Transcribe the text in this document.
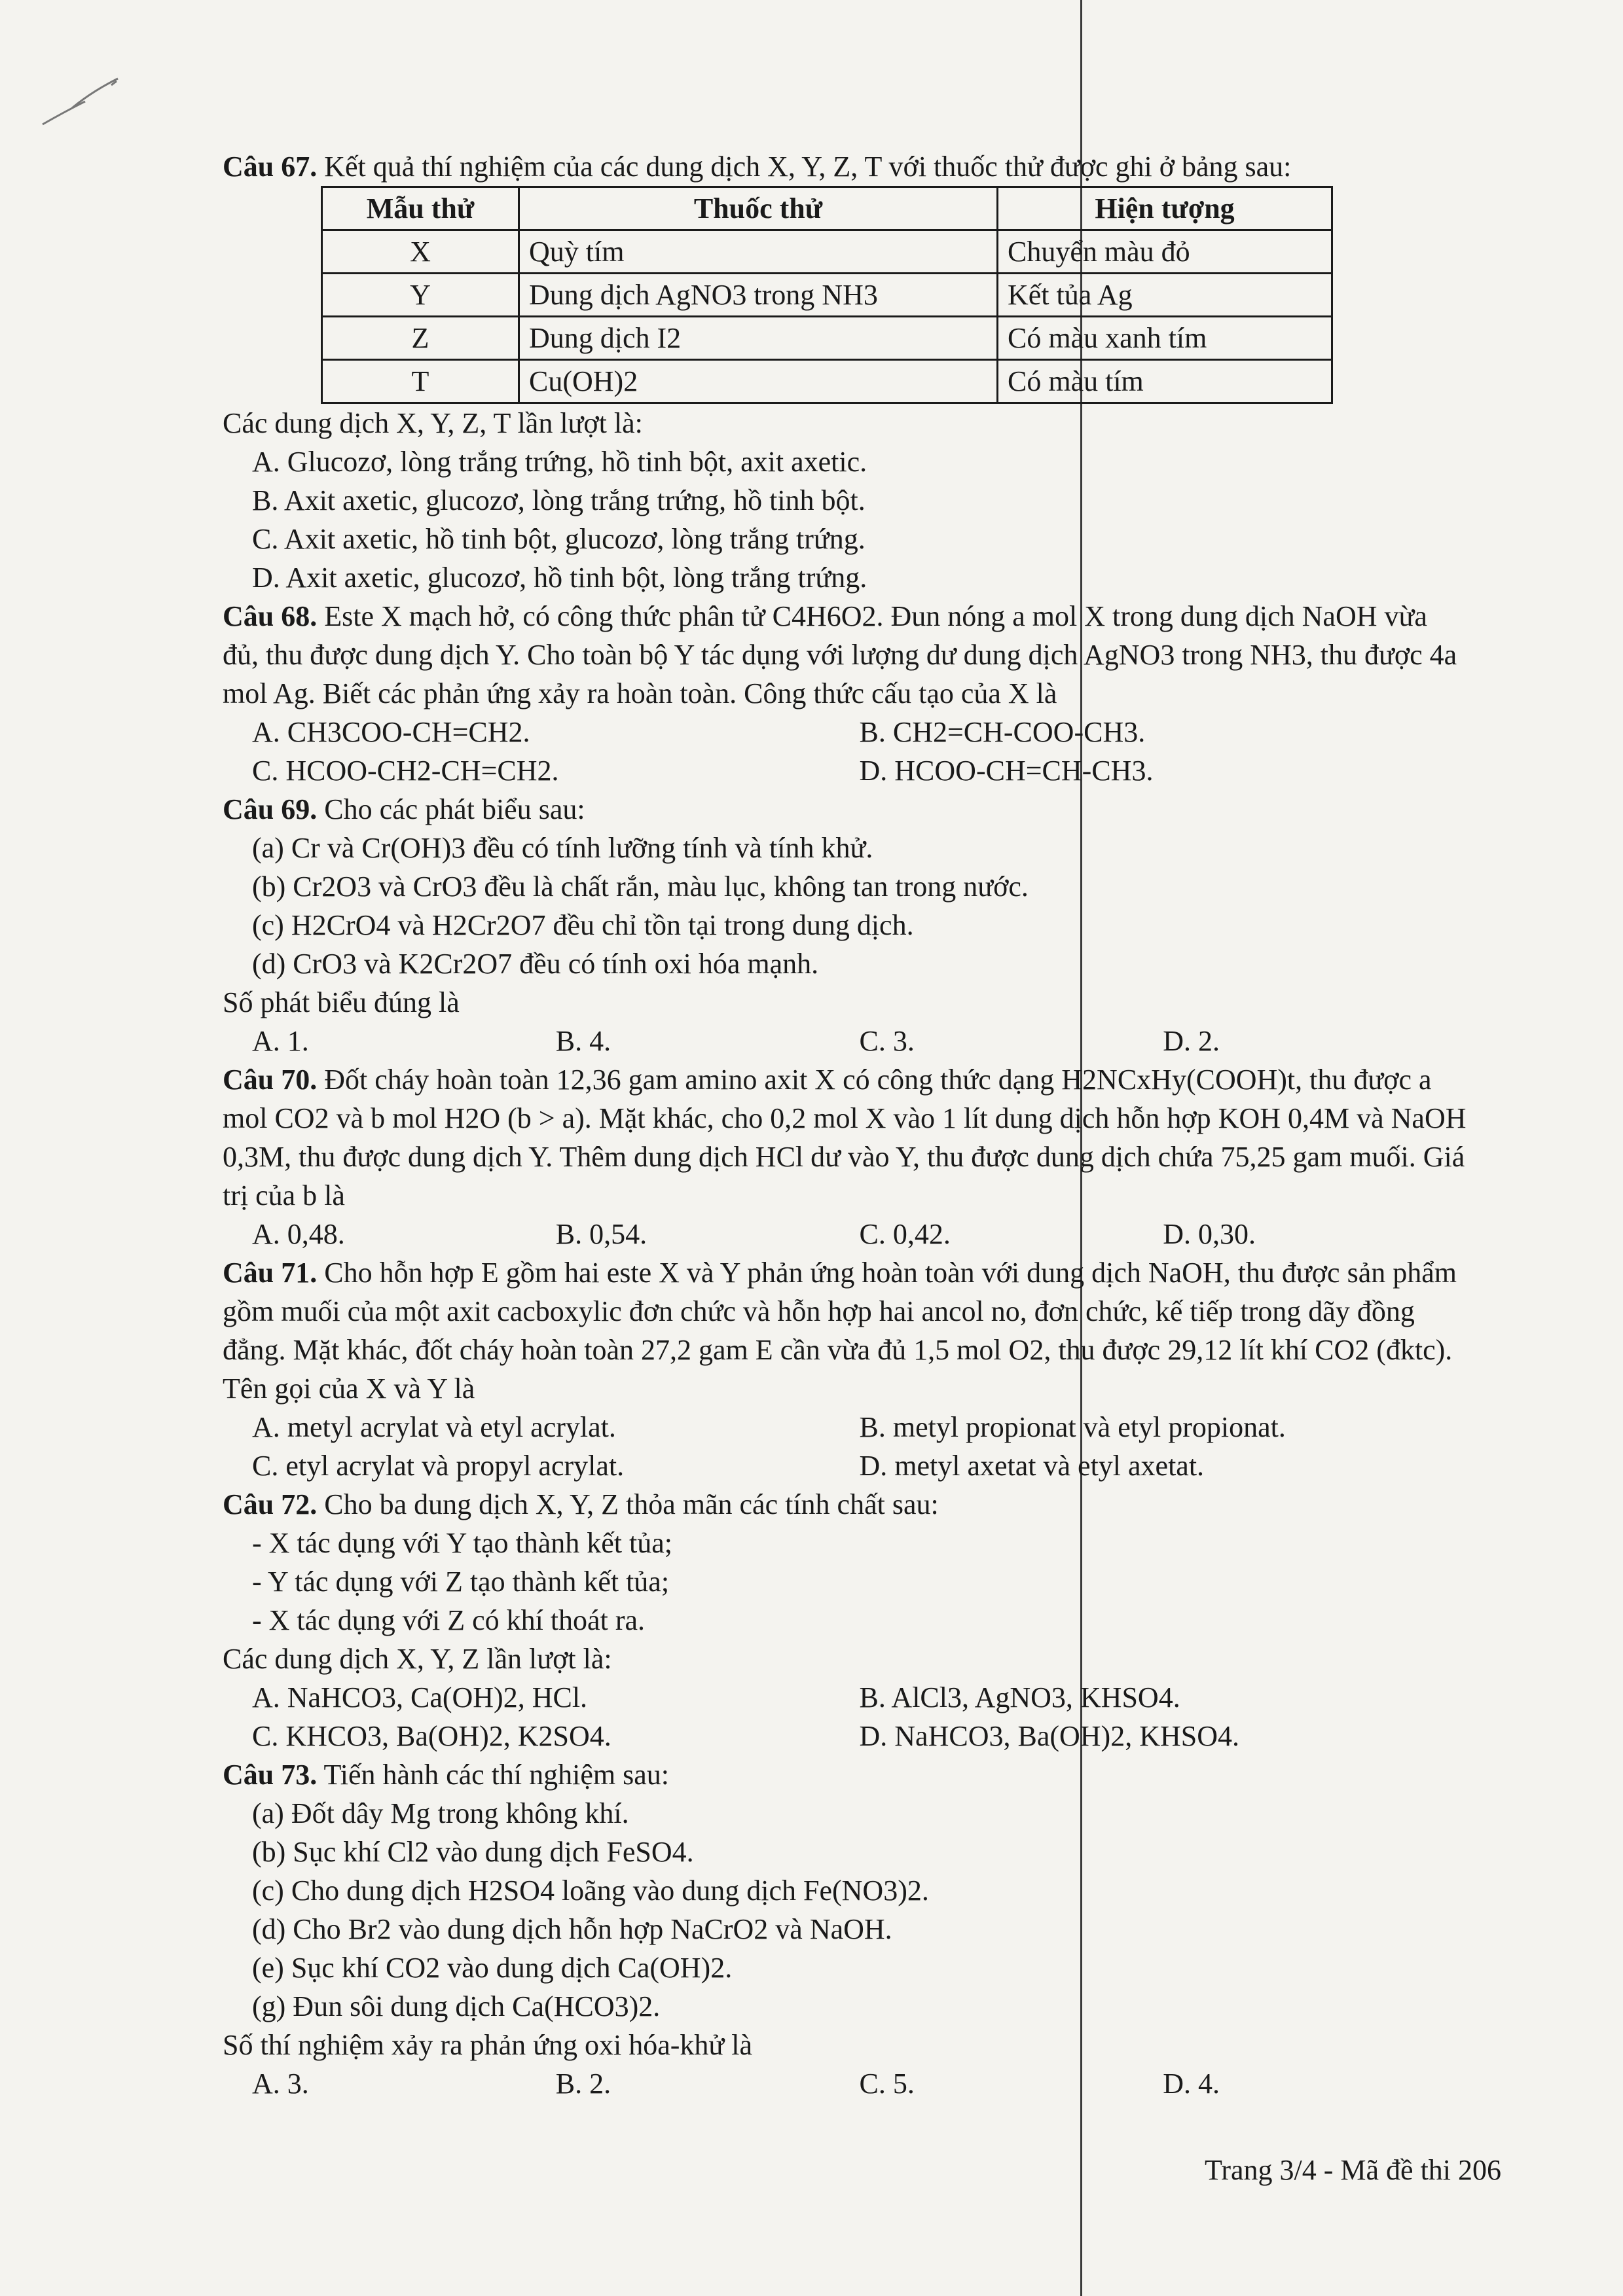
Câu 67. Kết quả thí nghiệm của các dung dịch X, Y, Z, T với thuốc thử được ghi ở bảng sau:

Mẫu thử	Thuốc thử	Hiện tượng
X	Quỳ tím	Chuyển màu đỏ
Y	Dung dịch AgNO3 trong NH3	Kết tủa Ag
Z	Dung dịch I2	Có màu xanh tím
T	Cu(OH)2	Có màu tím

Các dung dịch X, Y, Z, T lần lượt là:

A. Glucozơ, lòng trắng trứng, hồ tinh bột, axit axetic.

B. Axit axetic, glucozơ, lòng trắng trứng, hồ tinh bột.

C. Axit axetic, hồ tinh bột, glucozơ, lòng trắng trứng.

D. Axit axetic, glucozơ, hồ tinh bột, lòng trắng trứng.

Câu 68. Este X mạch hở, có công thức phân tử C4H6O2. Đun nóng a mol X trong dung dịch NaOH vừa đủ, thu được dung dịch Y. Cho toàn bộ Y tác dụng với lượng dư dung dịch AgNO3 trong NH3, thu được 4a mol Ag. Biết các phản ứng xảy ra hoàn toàn. Công thức cấu tạo của X là

A. CH3COO-CH=CH2.	B. CH2=CH-COO-CH3.
C. HCOO-CH2-CH=CH2.	D. HCOO-CH=CH-CH3.

Câu 69. Cho các phát biểu sau:

(a) Cr và Cr(OH)3 đều có tính lưỡng tính và tính khử.

(b) Cr2O3 và CrO3 đều là chất rắn, màu lục, không tan trong nước.

(c) H2CrO4 và H2Cr2O7 đều chỉ tồn tại trong dung dịch.

(d) CrO3 và K2Cr2O7 đều có tính oxi hóa mạnh.

Số phát biểu đúng là

A. 1.	B. 4.	C. 3.	D. 2.

Câu 70. Đốt cháy hoàn toàn 12,36 gam amino axit X có công thức dạng H2NCxHy(COOH)t, thu được a mol CO2 và b mol H2O (b > a). Mặt khác, cho 0,2 mol X vào 1 lít dung dịch hỗn hợp KOH 0,4M và NaOH 0,3M, thu được dung dịch Y. Thêm dung dịch HCl dư vào Y, thu được dung dịch chứa 75,25 gam muối. Giá trị của b là

A. 0,48.	B. 0,54.	C. 0,42.	D. 0,30.

Câu 71. Cho hỗn hợp E gồm hai este X và Y phản ứng hoàn toàn với dung dịch NaOH, thu được sản phẩm gồm muối của một axit cacboxylic đơn chức và hỗn hợp hai ancol no, đơn chức, kế tiếp trong dãy đồng đẳng. Mặt khác, đốt cháy hoàn toàn 27,2 gam E cần vừa đủ 1,5 mol O2, thu được 29,12 lít khí CO2 (đktc). Tên gọi của X và Y là

A. metyl acrylat và etyl acrylat.	B. metyl propionat và etyl propionat.
C. etyl acrylat và propyl acrylat.	D. metyl axetat và etyl axetat.

Câu 72. Cho ba dung dịch X, Y, Z thỏa mãn các tính chất sau:

- X tác dụng với Y tạo thành kết tủa;

- Y tác dụng với Z tạo thành kết tủa;

- X tác dụng với Z có khí thoát ra.

Các dung dịch X, Y, Z lần lượt là:

A. NaHCO3, Ca(OH)2, HCl.	B. AlCl3, AgNO3, KHSO4.
C. KHCO3, Ba(OH)2, K2SO4.	D. NaHCO3, Ba(OH)2, KHSO4.

Câu 73. Tiến hành các thí nghiệm sau:

(a) Đốt dây Mg trong không khí.

(b) Sục khí Cl2 vào dung dịch FeSO4.

(c) Cho dung dịch H2SO4 loãng vào dung dịch Fe(NO3)2.

(d) Cho Br2 vào dung dịch hỗn hợp NaCrO2 và NaOH.

(e) Sục khí CO2 vào dung dịch Ca(OH)2.

(g) Đun sôi dung dịch Ca(HCO3)2.

Số thí nghiệm xảy ra phản ứng oxi hóa-khử là

A. 3.	B. 2.	C. 5.	D. 4.
Trang 3/4 - Mã đề thi 206
